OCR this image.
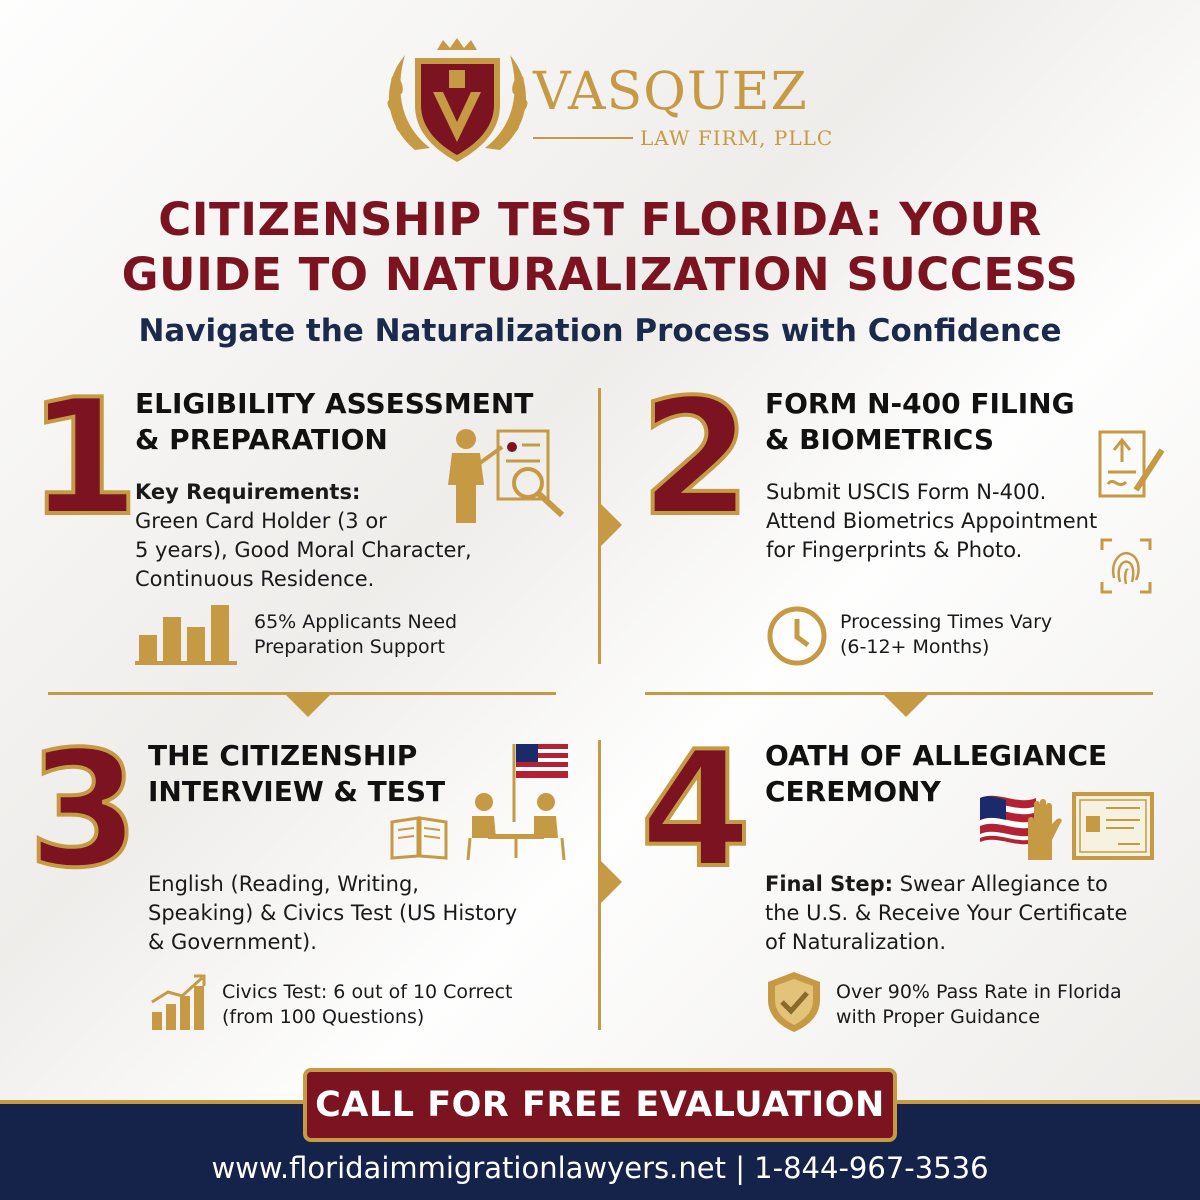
VASQUEZ
LAW FIRM, PLLC
CITIZENSHIP TEST FLORIDA: YOUR
GUIDE TO NATURALIZATION SUCCESS
Navigate the Naturalization Process with Confidence
1
ELIGIBILITY ASSESSMENT
& PREPARATION
Key Requirements:
Green Card Holder (3 or
5 years), Good Moral Character,
Continuous Residence.
65% Applicants Need
Preparation Support
2 FORM N-400 FILING
& BIOMETRICS
Submit USCIS Form N-400.
Attend Biometrics Appointment
for Fingerprints & Photo.
Processing Times Vary
(6-12+ Months)
3 THE CITIZENSHIP
INTERVIEW & TEST
English (Reading, Writing,
Speaking) & Civics Test (US History
& Government).
Civics Test: 6 out of 10 Correct
(from 100 Questions)
4 OATH OF ALLEGIANCE
CEREMONY
Final Step: Swear Allegiance to
the U.S. & Receive Your Certificate
of Naturalization.
Over 90% Pass Rate in Florida
with Proper Guidance
CALL FOR FREE EVALUATION
www.floridaimmigrationlawyers.net | 1-844-967-3536
